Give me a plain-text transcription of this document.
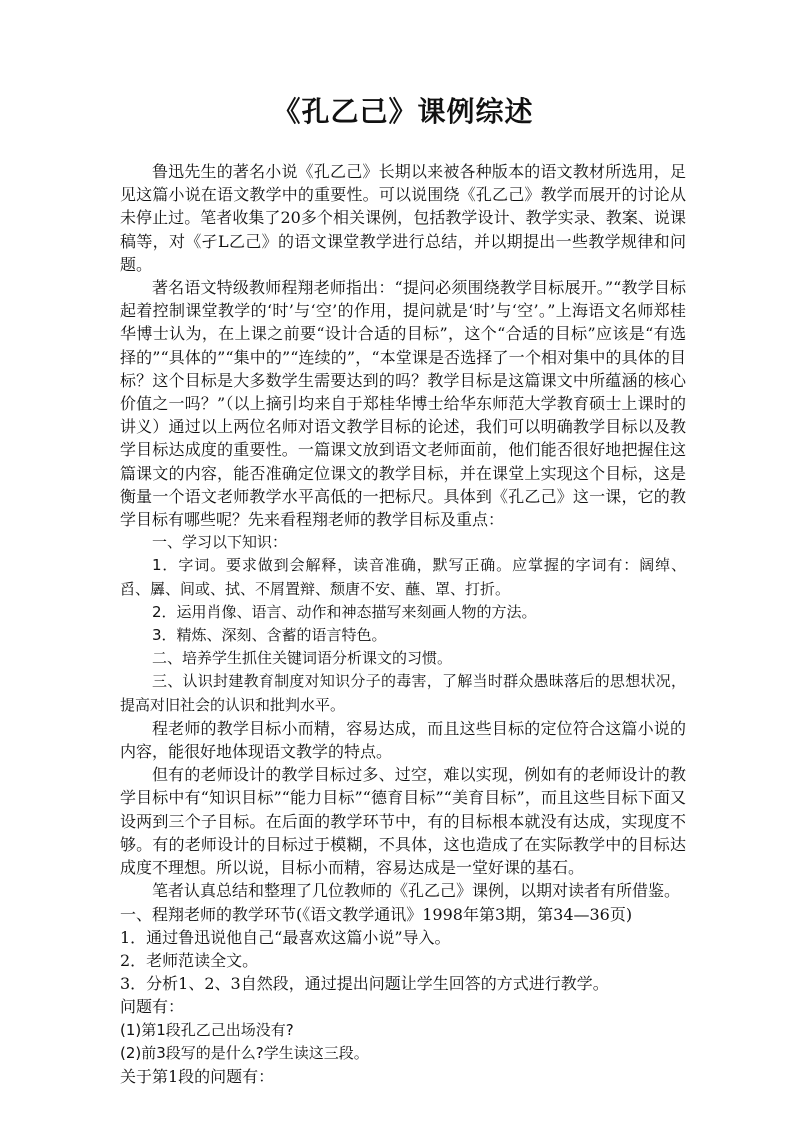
《孔乙己》课例综述

鲁迅先生的著名小说《孔乙己》长期以来被各种版本的语文教材所选用，足见这篇小说在语文教学中的重要性。可以说围绕《孔乙己》教学而展开的讨论从未停止过。笔者收集了20多个相关课例，包括教学设计、教学实录、教案、说课稿等，对《孑L乙己》的语文课堂教学进行总结，并以期提出一些教学规律和问题。

著名语文特级教师程翔老师指出：“提问必须围绕教学目标展开。”“教学目标起着控制课堂教学的‘时’与‘空’的作用，提问就是‘时’与‘空’。”上海语文名师郑桂华博士认为，在上课之前要“设计合适的目标”，这个“合适的目标”应该是“有选择的”“具体的”“集中的”“连续的”，“本堂课是否选择了一个相对集中的具体的目标？这个目标是大多数学生需要达到的吗？教学目标是这篇课文中所蕴涵的核心价值之一吗？”（以上摘引均来自于郑桂华博士给华东师范大学教育硕士上课时的讲义）通过以上两位名师对语文教学目标的论述，我们可以明确教学目标以及教学目标达成度的重要性。一篇课文放到语文老师面前，他们能否很好地把握住这篇课文的内容，能否准确定位课文的教学目标，并在课堂上实现这个目标，这是衡量一个语文老师教学水平高低的一把标尺。具体到《孔乙己》这一课，它的教学目标有哪些呢？先来看程翔老师的教学目标及重点：

一、学习以下知识：

1．字词。要求做到会解释，读音准确，默写正确。应掌握的字词有：阔绰、舀、羼、间或、拭、不屑置辩、颓唐不安、蘸、罩、打折。

2．运用肖像、语言、动作和神态描写来刻画人物的方法。

3．精炼、深刻、含蓄的语言特色。

二、培养学生抓住关键词语分析课文的习惯。

三、认识封建教育制度对知识分子的毒害，了解当时群众愚昧落后的思想状况，提高对旧社会的认识和批判水平。

程老师的教学目标小而精，容易达成，而且这些目标的定位符合这篇小说的内容，能很好地体现语文教学的特点。

但有的老师设计的教学目标过多、过空，难以实现，例如有的老师设计的教学目标中有“知识目标”“能力目标”“德育目标”“美育目标”，而且这些目标下面又设两到三个子目标。在后面的教学环节中，有的目标根本就没有达成，实现度不够。有的老师设计的目标过于模糊，不具体，这也造成了在实际教学中的目标达成度不理想。所以说，目标小而精，容易达成是一堂好课的基石。

笔者认真总结和整理了几位教师的《孔乙己》课例，以期对读者有所借鉴。

一、程翔老师的教学环节(《语文教学通讯》1998年第3期，第34—36页)

1．通过鲁迅说他自己“最喜欢这篇小说”导入。

2．老师范读全文。

3．分析1、2、3自然段，通过提出问题让学生回答的方式进行教学。

问题有：

(1)第1段孔乙己出场没有?

(2)前3段写的是什么?学生读这三段。

关于第1段的问题有：
